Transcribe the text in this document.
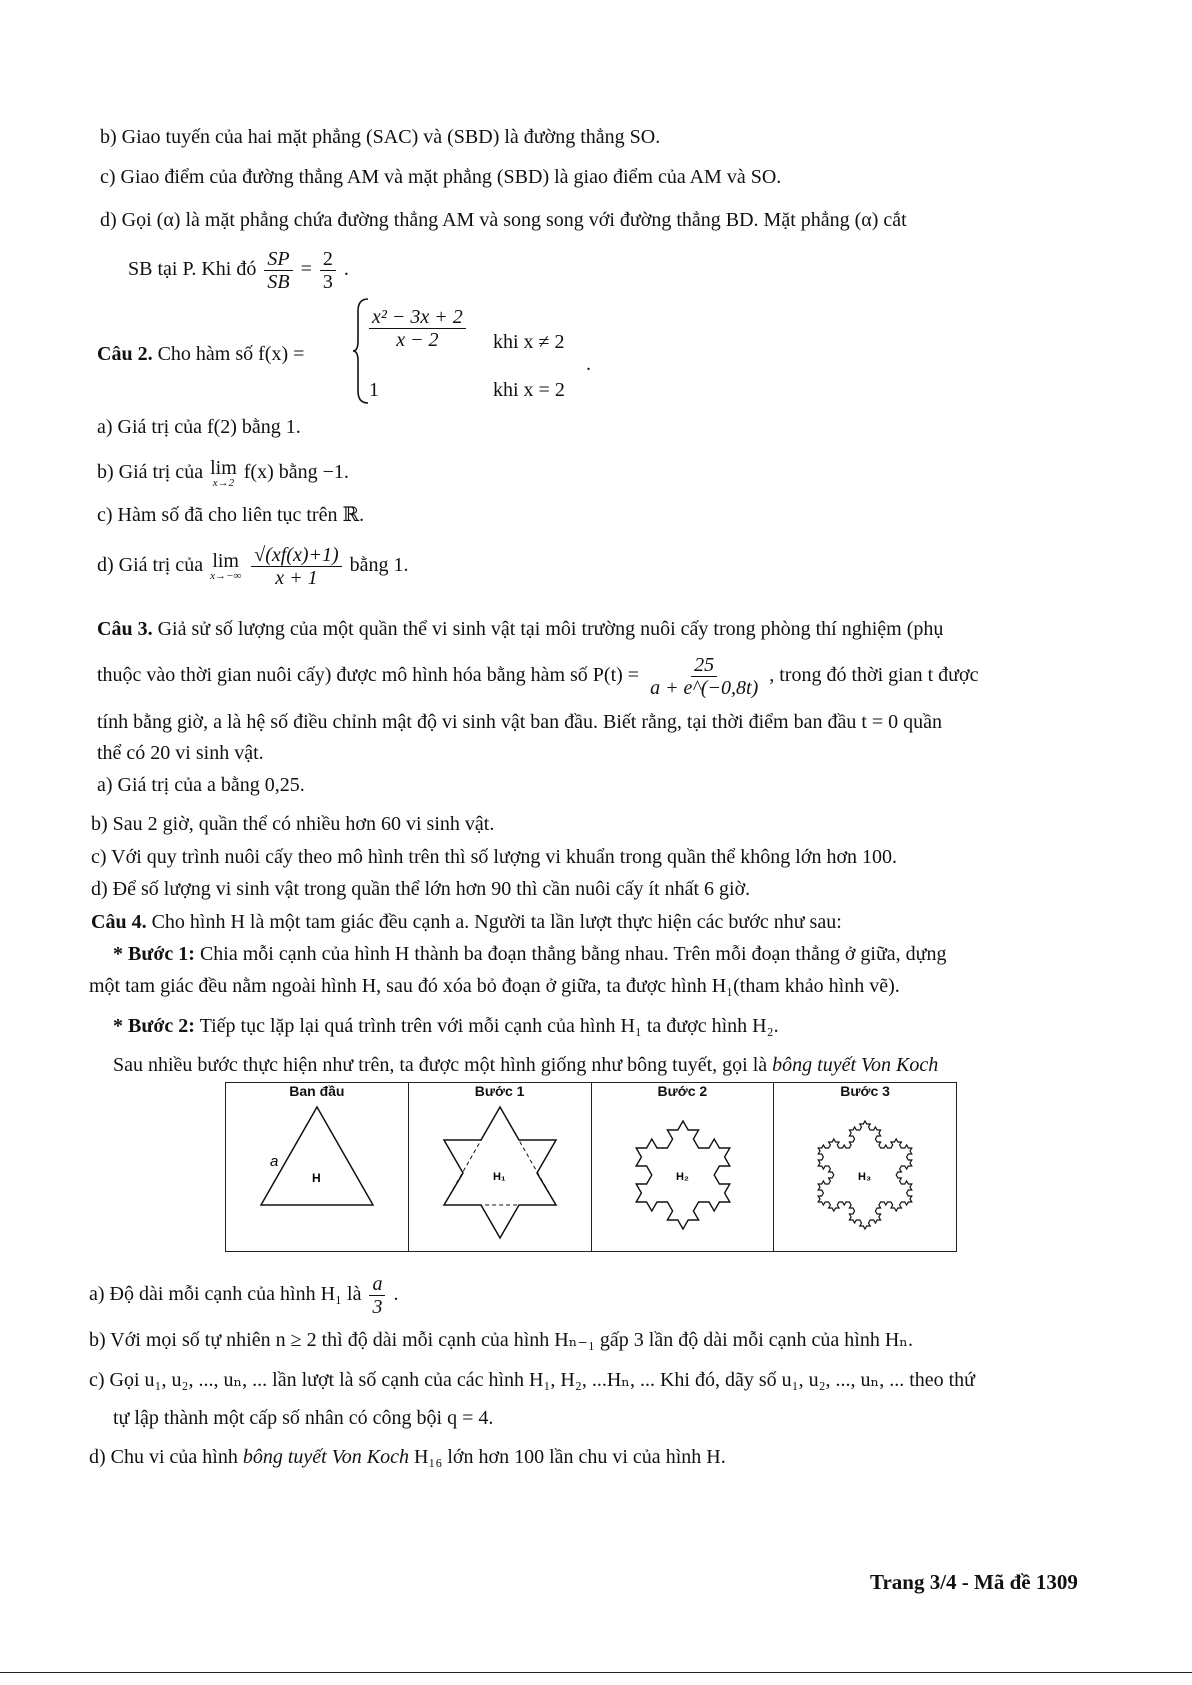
b) Giao tuyến của hai mặt phẳng (SAC) và (SBD) là đường thẳng SO.
c) Giao điểm của đường thẳng AM và mặt phẳng (SBD) là giao điểm của AM và SO.
d) Gọi (α) là mặt phẳng chứa đường thẳng AM và song song với đường thẳng BD. Mặt phẳng (α) cắt
SB tại P. Khi đó $\frac{SP}{SB} = \frac{2}{3}$ .
Câu 2. Cho hàm số f(x) =
$\frac{\text{x² − 3x + 2}}{x - 2}$ khi x ≠ 2
1	khi x = 2
.
a) Giá trị của f(2) bằng 1.
b) Giá trị của lim
x→2 f(x) bằng −1.
c) Hàm số đã cho liên tục trên ℝ.
d) Giá trị của lim
x→−∞
$\frac{√(xf(x)+1)}{x + 1}$ bằng 1.
Câu 3. Giả sử số lượng của một quần thể vi sinh vật tại môi trường nuôi cấy trong phòng thí nghiệm (phụ
thuộc vào thời gian nuôi cấy) được mô hình hóa bằng hàm số $P(t) = \frac{25}{a + e\^{}(-0,8t)}$ , trong đó thời gian t được
tính bằng giờ, a là hệ số điều chỉnh mật độ vi sinh vật ban đầu. Biết rằng, tại thời điểm ban đầu t = 0 quần
thể có 20 vi sinh vật.
a) Giá trị của a bằng 0,25.
b) Sau 2 giờ, quần thể có nhiều hơn 60 vi sinh vật.
c) Với quy trình nuôi cấy theo mô hình trên thì số lượng vi khuẩn trong quần thể không lớn hơn 100.
d) Để số lượng vi sinh vật trong quần thể lớn hơn 90 thì cần nuôi cấy ít nhất 6 giờ.
Câu 4. Cho hình H là một tam giác đều cạnh a. Người ta lần lượt thực hiện các bước như sau:
* Bước 1: Chia mỗi cạnh của hình H thành ba đoạn thẳng bằng nhau. Trên mỗi đoạn thẳng ở giữa, dựng
một tam giác đều nằm ngoài hình H, sau đó xóa bỏ đoạn ở giữa, ta được hình H₁(tham khảo hình vẽ).
* Bước 2: Tiếp tục lặp lại quá trình trên với mỗi cạnh của hình H₁ ta được hình H₂.
Sau nhiều bước thực hiện như trên, ta được một hình giống như bông tuyết, gọi là bông tuyết Von Koch
Ban đầu
a
H
Bước 1
H₁
Bước 2
H₂
Bước 3
H₃
a) Độ dài mỗi cạnh của hình H₁ là $\frac{a}{3}$ .
b) Với mọi số tự nhiên n ≥ 2 thì độ dài mỗi cạnh của hình Hₙ₋₁ gấp 3 lần độ dài mỗi cạnh của hình Hₙ.
c) Gọi u₁, u₂, ..., uₙ, ... lần lượt là số cạnh của các hình H₁, H₂, ...Hₙ, ... Khi đó, dãy số u₁, u₂, ..., uₙ, ... theo thứ
tự lập thành một cấp số nhân có công bội q = 4.
d) Chu vi của hình bông tuyết Von Koch H₁₆ lớn hơn 100 lần chu vi của hình H.
Trang 3/4 - Mã đề 1309
